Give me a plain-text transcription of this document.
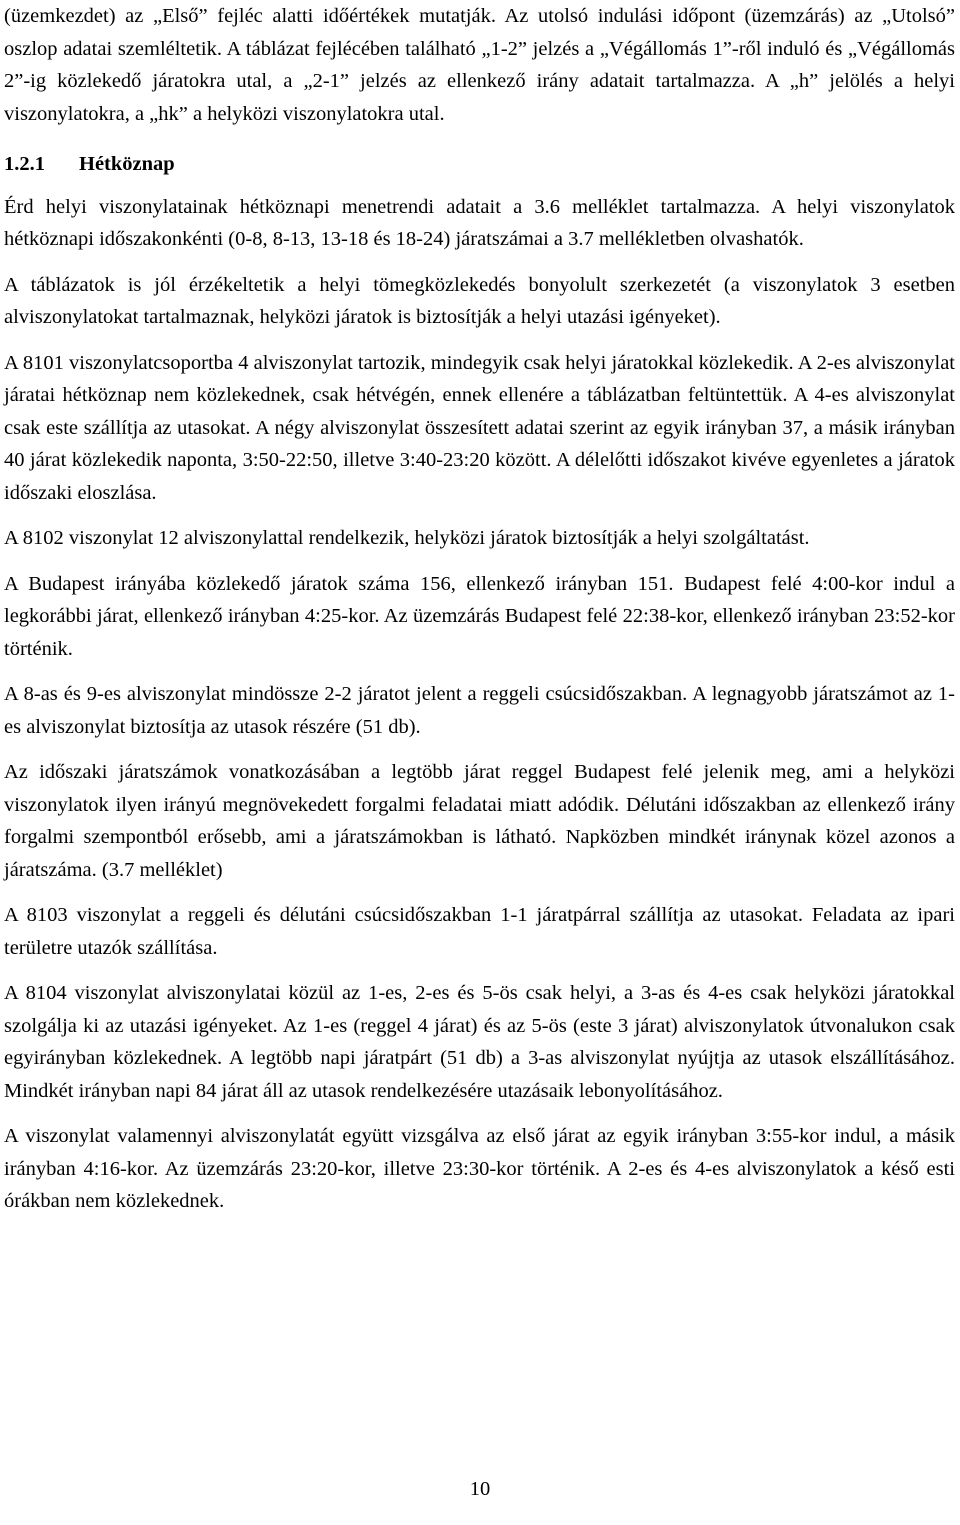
(üzemkezdet) az „Első” fejléc alatti időértékek mutatják. Az utolsó indulási időpont (üzemzárás) az „Utolsó” oszlop adatai szemléltetik. A táblázat fejlécében található „1-2” jelzés a „Végállomás 1”-ről induló és „Végállomás 2”-ig közlekedő járatokra utal, a „2-1” jelzés az ellenkező irány adatait tartalmazza. A „h” jelölés a helyi viszonylatokra, a „hk” a helyközi viszonylatokra utal.

1.2.1	Hétköznap

Érd helyi viszonylatainak hétköznapi menetrendi adatait a 3.6 melléklet tartalmazza. A helyi viszonylatok hétköznapi időszakonkénti (0-8, 8-13, 13-18 és 18-24) járatszámai a 3.7 mellékletben olvashatók.

A táblázatok is jól érzékeltetik a helyi tömegközlekedés bonyolult szerkezetét (a viszonylatok 3 esetben alviszonylatokat tartalmaznak, helyközi járatok is biztosítják a helyi utazási igényeket).

A 8101 viszonylatcsoportba 4 alviszonylat tartozik, mindegyik csak helyi járatokkal közlekedik. A 2-es alviszonylat járatai hétköznap nem közlekednek, csak hétvégén, ennek ellenére a táblázatban feltüntettük. A 4-es alviszonylat csak este szállítja az utasokat. A négy alviszonylat összesített adatai szerint az egyik irányban 37, a másik irányban 40 járat közlekedik naponta, 3:50-22:50, illetve 3:40-23:20 között. A délelőtti időszakot kivéve egyenletes a járatok időszaki eloszlása.

A 8102 viszonylat 12 alviszonylattal rendelkezik, helyközi járatok biztosítják a helyi szolgáltatást.

A Budapest irányába közlekedő járatok száma 156, ellenkező irányban 151. Budapest felé 4:00-kor indul a legkorábbi járat, ellenkező irányban 4:25-kor. Az üzemzárás Budapest felé 22:38-kor, ellenkező irányban 23:52-kor történik.

A 8-as és 9-es alviszonylat mindössze 2-2 járatot jelent a reggeli csúcsidőszakban. A legnagyobb járatszámot az 1-es alviszonylat biztosítja az utasok részére (51 db).

Az időszaki járatszámok vonatkozásában a legtöbb járat reggel Budapest felé jelenik meg, ami a helyközi viszonylatok ilyen irányú megnövekedett forgalmi feladatai miatt adódik. Délutáni időszakban az ellenkező irány forgalmi szempontból erősebb, ami a járatszámokban is látható. Napközben mindkét iránynak közel azonos a járatszáma. (3.7 melléklet)

A 8103 viszonylat a reggeli és délutáni csúcsidőszakban 1-1 járatpárral szállítja az utasokat. Feladata az ipari területre utazók szállítása.

A 8104 viszonylat alviszonylatai közül az 1-es, 2-es és 5-ös csak helyi, a 3-as és 4-es csak helyközi járatokkal szolgálja ki az utazási igényeket. Az 1-es (reggel 4 járat) és az 5-ös (este 3 járat) alviszonylatok útvonalukon csak egyirányban közlekednek. A legtöbb napi járatpárt (51 db) a 3-as alviszonylat nyújtja az utasok elszállításához. Mindkét irányban napi 84 járat áll az utasok rendelkezésére utazásaik lebonyolításához.

A viszonylat valamennyi alviszonylatát együtt vizsgálva az első járat az egyik irányban 3:55-kor indul, a másik irányban 4:16-kor. Az üzemzárás 23:20-kor, illetve 23:30-kor történik. A 2-es és 4-es alviszonylatok a késő esti órákban nem közlekednek.

10
